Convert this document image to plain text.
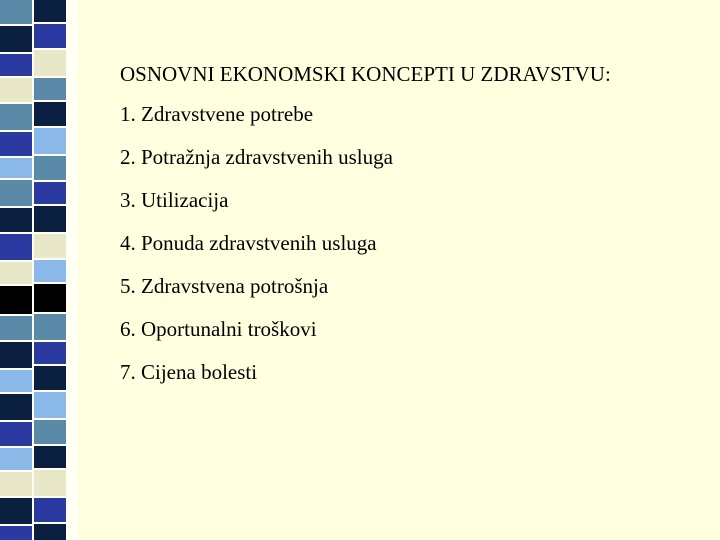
OSNOVNI EKONOMSKI KONCEPTI U ZDRAVSTVU:
1. Zdravstvene potrebe
2. Potražnja zdravstvenih usluga
3. Utilizacija
4. Ponuda zdravstvenih usluga
5. Zdravstvena potrošnja
6. Oportunalni troškovi
7. Cijena bolesti
